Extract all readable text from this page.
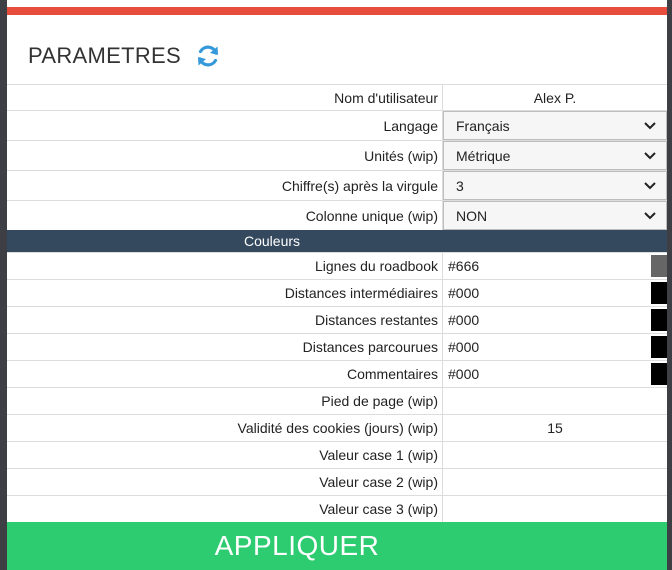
PARAMETRES
Nom d'utilisateur	Alex P.
Langage	Français
Unités (wip)	Métrique
Chiffre(s) après la virgule	3
Colonne unique (wip)	NON
Couleurs
Lignes du roadbook #666
Distances intermédiaires #000
Distances restantes #000
Distances parcourues #000
Commentaires #000
Pied de page (wip)
Validité des cookies (jours) (wip)	15
Valeur case 1 (wip)
Valeur case 2 (wip)
Valeur case 3 (wip)
APPLIQUER
